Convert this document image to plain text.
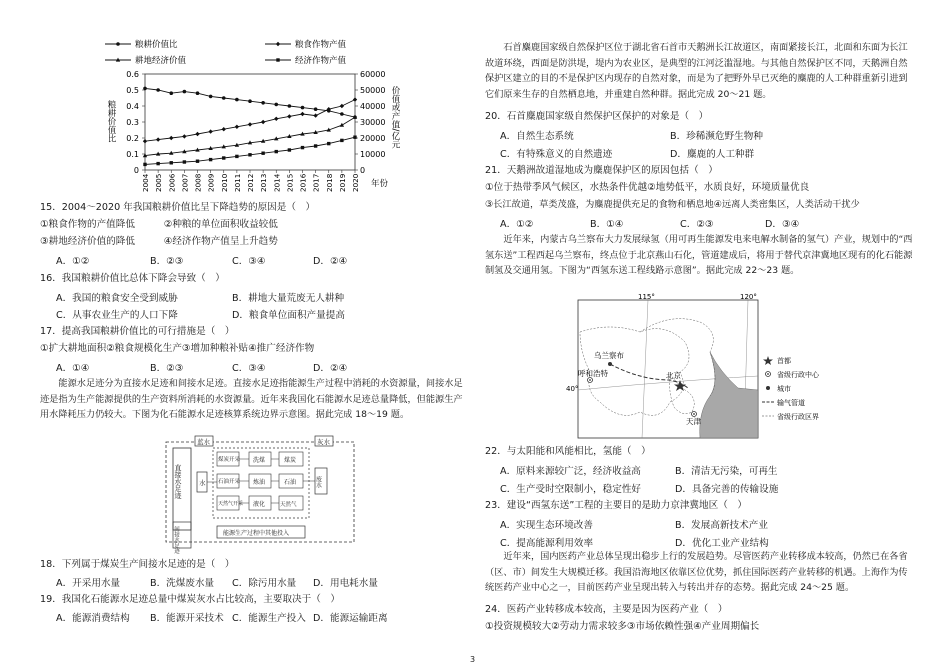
粮耕价值比	粮食作物产值
耕地经济价值	经济作物产值
0.6
0.5
0.4
0.3
0.2
0.1
0
60000
50000
40000
30000
20000
10000
0
2004 2005 2006 2007 2008 2009 2010 2011 2012 2013 2014 2015 2016 2017 2018 2019 2020
粮耕价值比	价值或产值/亿元
年份
15．2004～2020 年我国粮耕价值比呈下降趋势的原因是（　）
①粮食作物的产值降低　　　②种粮的单位面积收益较低
③耕地经济价值的降低　　　④经济作物产值呈上升趋势
A．①②	B．②③	C．③④	D．②④
16．我国粮耕价值比总体下降会导致（　）
A．我国的粮食安全受到威胁	B．耕地大量荒废无人耕种
C．从事农业生产的人口下降	D．粮食单位面积产量提高
17．提高我国粮耕价值比的可行措施是（　）
①扩大耕地面积②粮食规模化生产③增加种粮补贴④推广经济作物
A．①④	B．②③	C．③④	D．②④
能源水足迹分为直接水足迹和间接水足迹。直接水足迹指能源生产过程中消耗的水资源量，间接水足迹是指为生产能源提供的生产资料所消耗的水资源量。近年来我国化石能源水足迹总量降低，但能源生产用水降耗压力仍较大。下图为化石能源水足迹核算系统边界示意图。据此完成 18～19 题。
直接水足迹
蓝水	灰水
水	废水
煤炭开采
石油开采
天然气开采
洗煤
炼油
液化
煤炭
石油
天然气
间接水足迹	能源生产过程中其他投入
18．下列属于煤炭生产间接水足迹的是（　）
A．开采用水量	B．洗煤废水量 C．除污用水量 D．用电耗水量
19．我国化石能源水足迹总量中煤炭灰水占比较高，主要取决于（　）
A．能源消费结构 B．能源开采技术 C．能源生产投入 D．能源运输距离
石首麋鹿国家级自然保护区位于湖北省石首市天鹅洲长江故道区，南面紧接长江，北面和东面为长江故道环绕，西面是防洪堤，堤内为农业区，是典型的江河泛滥湿地。与其他自然保护区不同，天鹅洲自然保护区建立的目的不是保护区内现存的自然对象，而是为了把野外早已灭绝的麋鹿的人工种群重新引进到它们原来生存的自然栖息地，并重建自然种群。据此完成 20～21 题。
20．石首麋鹿国家级自然保护区保护的对象是（　）
A．自然生态系统	B．珍稀濒危野生物种
C．有特殊意义的自然遗迹	D．麋鹿的人工种群
21．天鹅洲故道湿地成为麋鹿保护区的原因包括（　）
①位于热带季风气候区，水热条件优越②地势低平，水质良好，环境质量优良
③长江故道，草类茂盛，为麋鹿提供充足的食物和栖息地④远离人类密集区，人类活动干扰少
A．①②	B．①④	C．②③	D．③④
近年来，内蒙古乌兰察布大力发展绿氢（用可再生能源发电来电解水制备的氢气）产业，规划中的“西氢东送”工程西起乌兰察布，终点位于北京燕山石化，管道建成后，将用于替代京津冀地区现有的化石能源制氢及交通用氢。下图为“西氢东送工程线路示意图”。据此完成 22～23 题。
115°	120°
40°
乌兰察布
呼和浩特	北京
天津
首都
省级行政中心
城市
输气管道
省级行政区界
22．与太阳能和风能相比，氢能（　）
A．原料来源较广泛，经济收益高	B．清洁无污染，可再生
C．生产受时空限制小，稳定性好	D．具备完善的传输设施
23．建设“西氢东送”工程的主要目的是助力京津冀地区（　）
A．实现生态环境改善	B．发展高新技术产业
C．提高能源利用效率	D．优化工业产业结构
近年来，国内医药产业总体呈现出稳步上行的发展趋势。尽管医药产业转移成本较高，仍然已在各省（区、市）间发生大规模迁移。我国沿海地区依靠区位优势，抓住国际医药产业转移的机遇。上海作为传统医药产业中心之一，目前医药产业呈现出转入与转出并存的态势。据此完成 24～25 题。
24．医药产业转移成本较高，主要是因为医药产业（　）
①投资规模较大②劳动力需求较多③市场依赖性强④产业周期偏长
3
